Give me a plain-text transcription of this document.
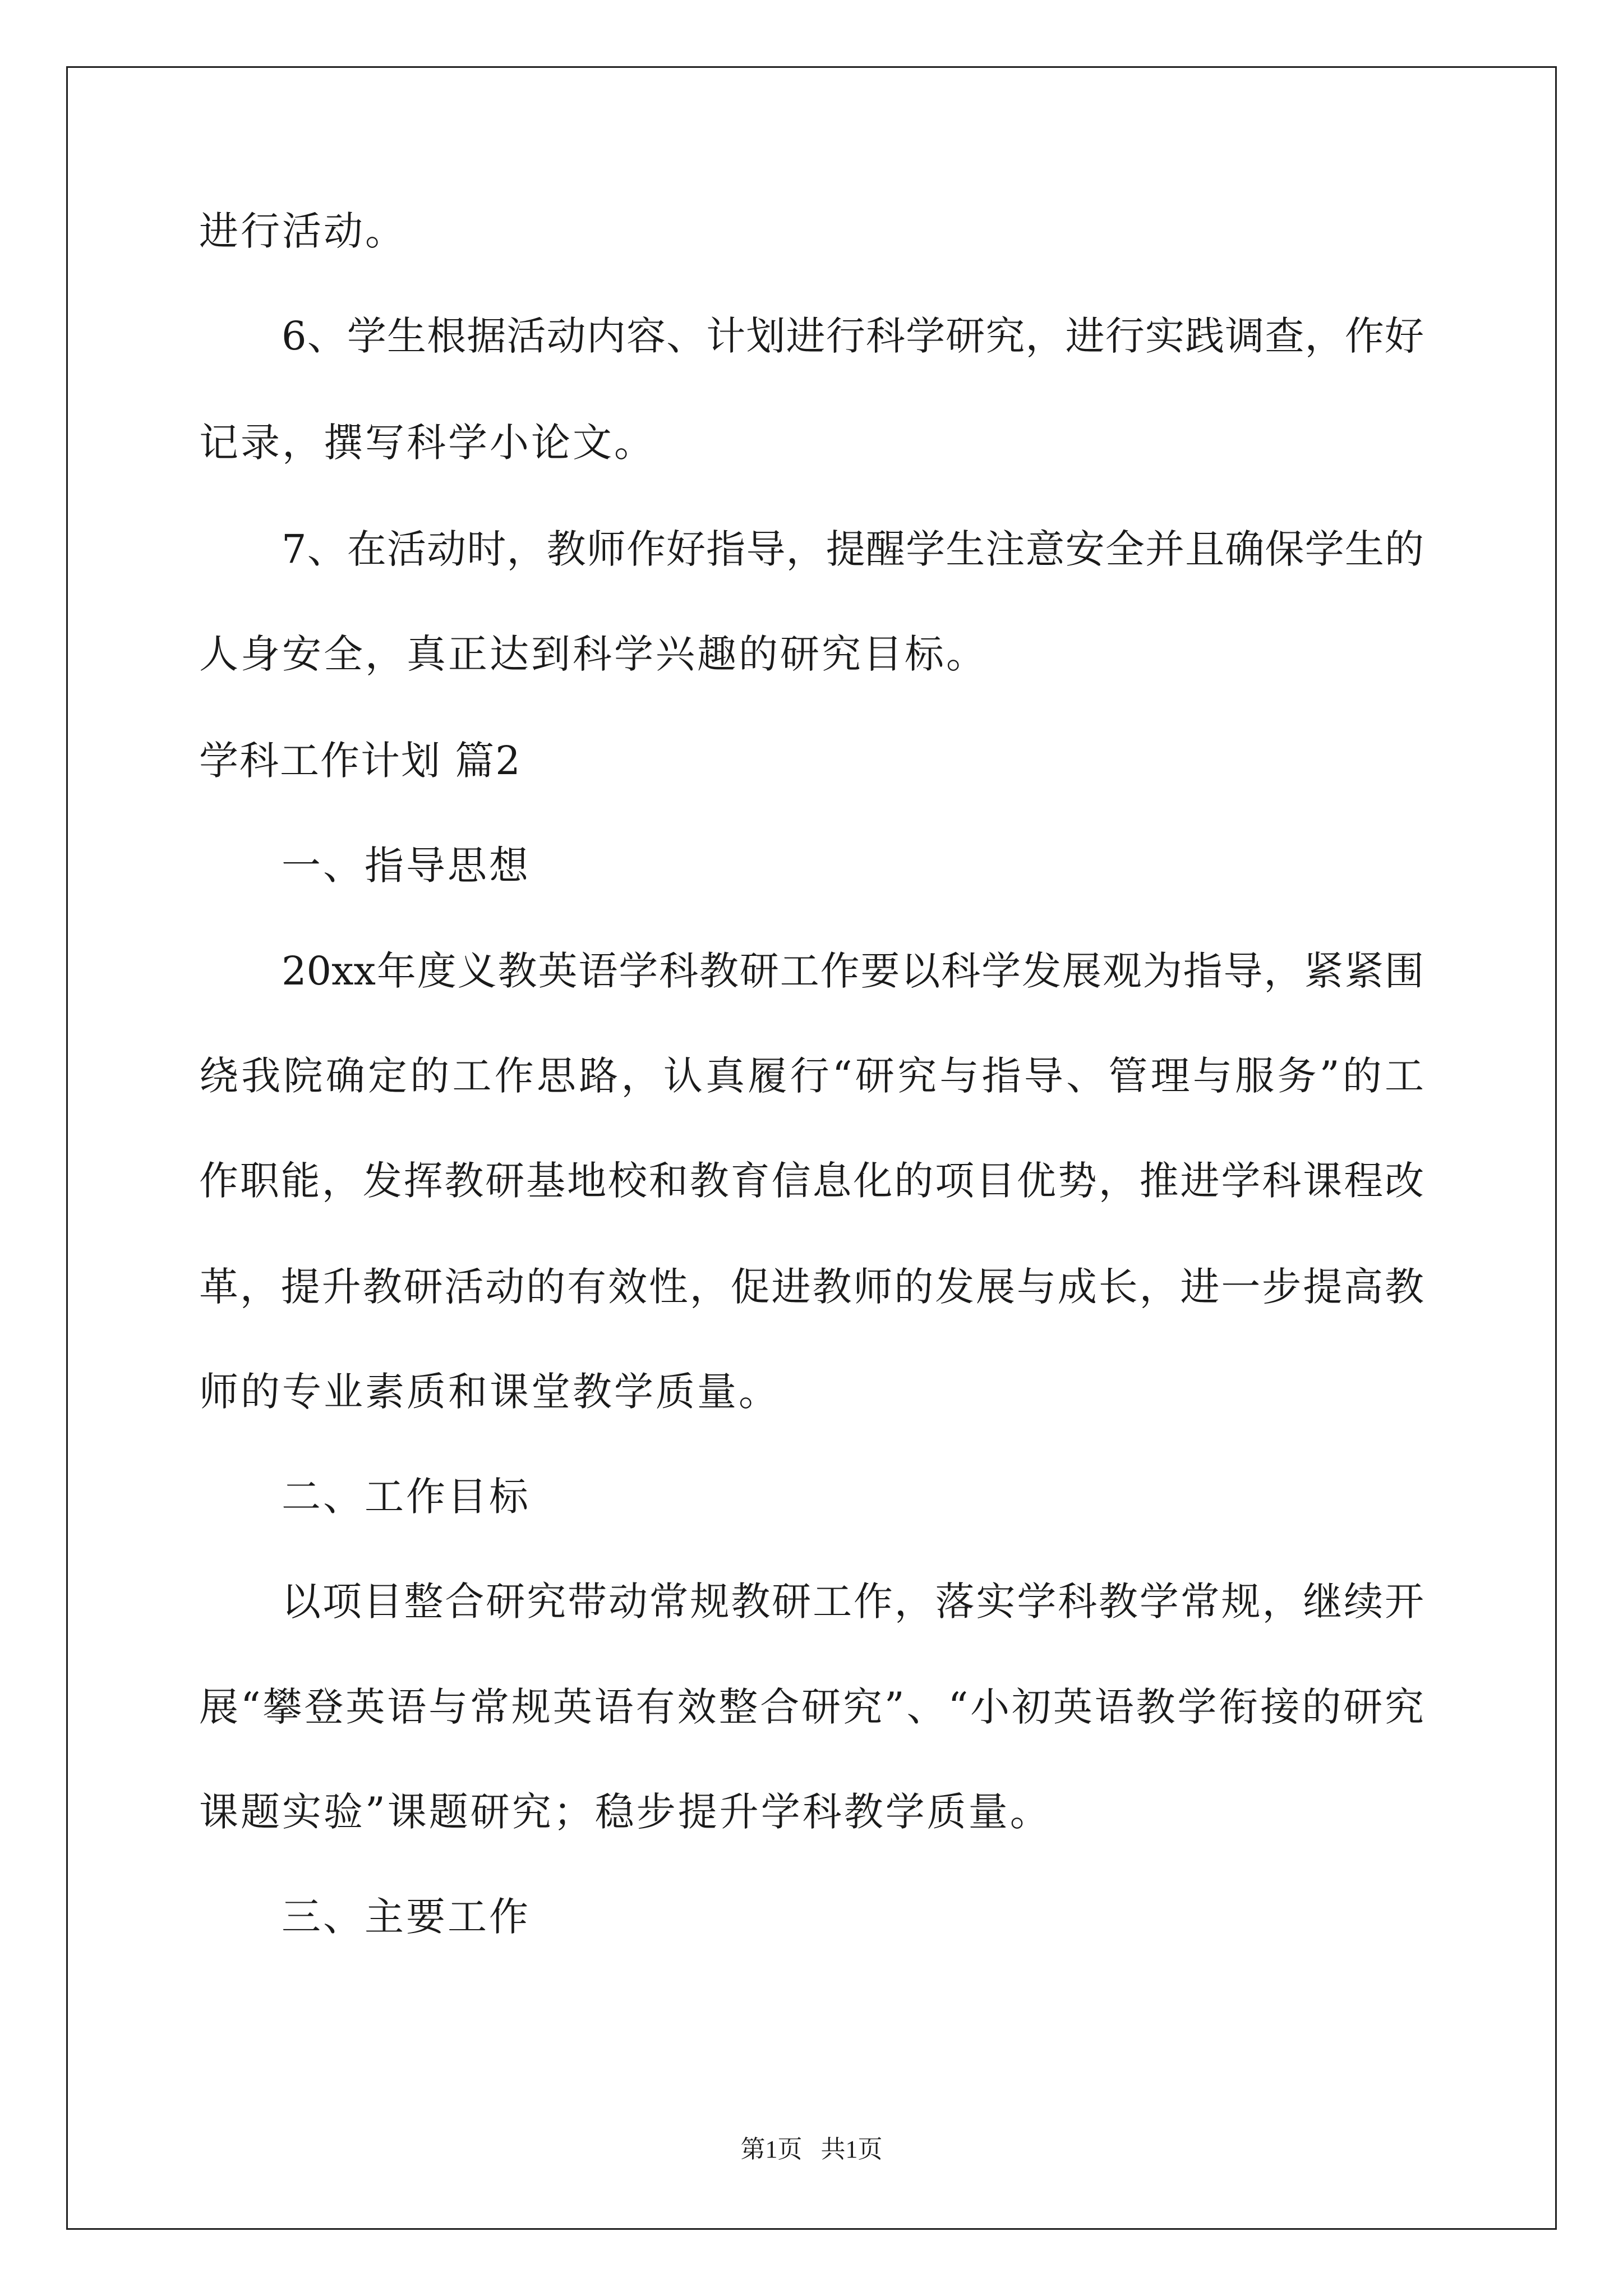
进行活动。
6、学生根据活动内容、计划进行科学研究，进行实践调查，作好
记录，撰写科学小论文。
7、在活动时，教师作好指导，提醒学生注意安全并且确保学生的
人身安全，真正达到科学兴趣的研究目标。
学科工作计划 篇2
一、指导思想
20xx年度义教英语学科教研工作要以科学发展观为指导，紧紧围
绕我院确定的工作思路，认真履行“研究与指导、管理与服务”的工
作职能，发挥教研基地校和教育信息化的项目优势，推进学科课程改
革，提升教研活动的有效性，促进教师的发展与成长，进一步提高教
师的专业素质和课堂教学质量。
二、工作目标
以项目整合研究带动常规教研工作，落实学科教学常规，继续开
展“攀登英语与常规英语有效整合研究”、“小初英语教学衔接的研究
课题实验”课题研究；稳步提升学科教学质量。
三、主要工作
第1页   共1页
